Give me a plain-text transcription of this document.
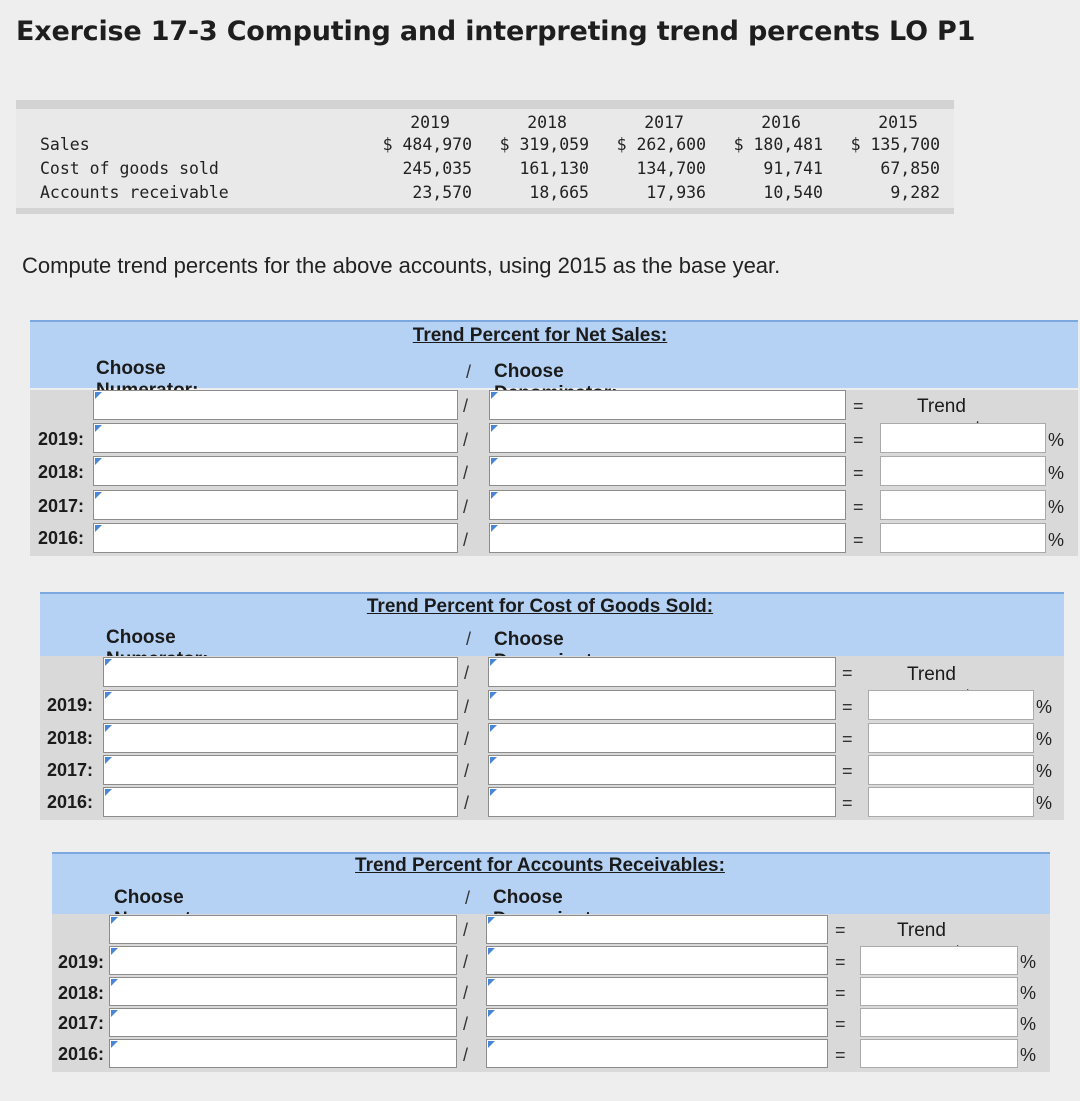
Exercise 17-3 Computing and interpreting trend percents LO P1
2019	2018	2017	2016	2015
Sales	$ 484,970 $ 319,059 $ 262,600 $ 180,481 $ 135,700
Cost of goods sold	245,035	161,130	134,700	91,741	67,850
Accounts receivable	23,570	18,665	17,936	10,540	9,282
Compute trend percents for the above accounts, using 2015 as the base year.
Trend Percent for Net Sales:
Choose	/ Choose
/	=	Trend
2019:	/	=	%
2018:	/	=	%
2017:	/	=	%
2016:	/	=	%
Trend Percent for Cost of Goods Sold:
Choose	/ Choose
/	=	Trend
2019:	/	=	%
2018:	/	=	%
2017:	/	=	%
2016:	/	=	%
Trend Percent for Accounts Receivables:
Choose	/ Choose
/	=	Trend
2019:	/	=	%
2018:	/	=	%
2017:	/	=	%
2016:	/	=	%
